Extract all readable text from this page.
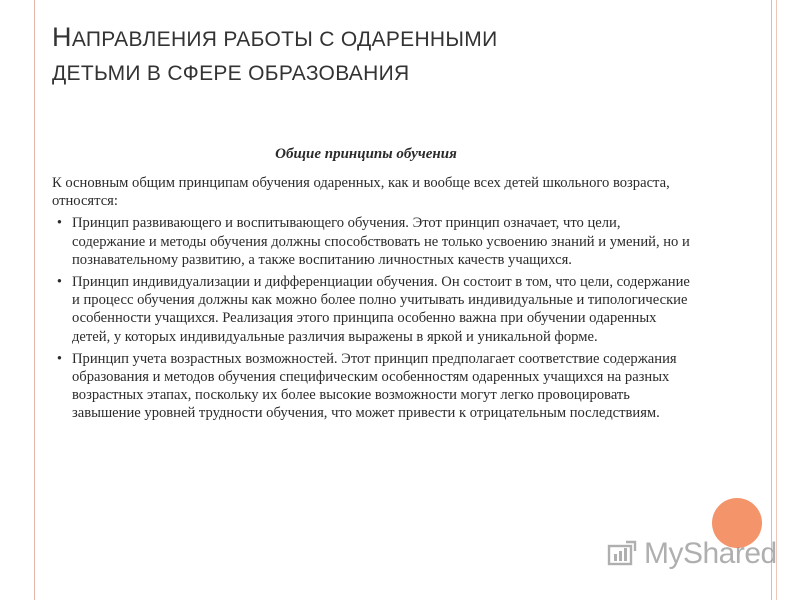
НАПРАВЛЕНИЯ РАБОТЫ С ОДАРЕННЫМИ
ДЕТЬМИ В СФЕРЕ ОБРАЗОВАНИЯ
Общие принципы обучения

К основным общим принципам обучения одаренных, как и вообще всех детей школьного возраста, относятся:

• Принцип развивающего и воспитывающего обучения. Этот принцип означает, что цели, содержание и методы обучения должны способствовать не только усвоению знаний и умений, но и познавательному развитию, а также воспитанию личностных качеств учащихся.

• Принцип индивидуализации и дифференциации обучения. Он состоит в том, что цели, содержание и процесс обучения должны как можно более полно учитывать индивидуальные и типологические особенности учащихся. Реализация этого принципа особенно важна при обучении одаренных детей, у которых индивидуальные различия выражены в яркой и уникальной форме.

• Принцип учета возрастных возможностей. Этот принцип предполагает соответствие содержания образования и методов обучения специфическим особенностям одаренных учащихся на разных возрастных этапах, поскольку их более высокие возможности могут легко провоцировать завышение уровней трудности обучения, что может привести к отрицательным последствиям.

MyShared
